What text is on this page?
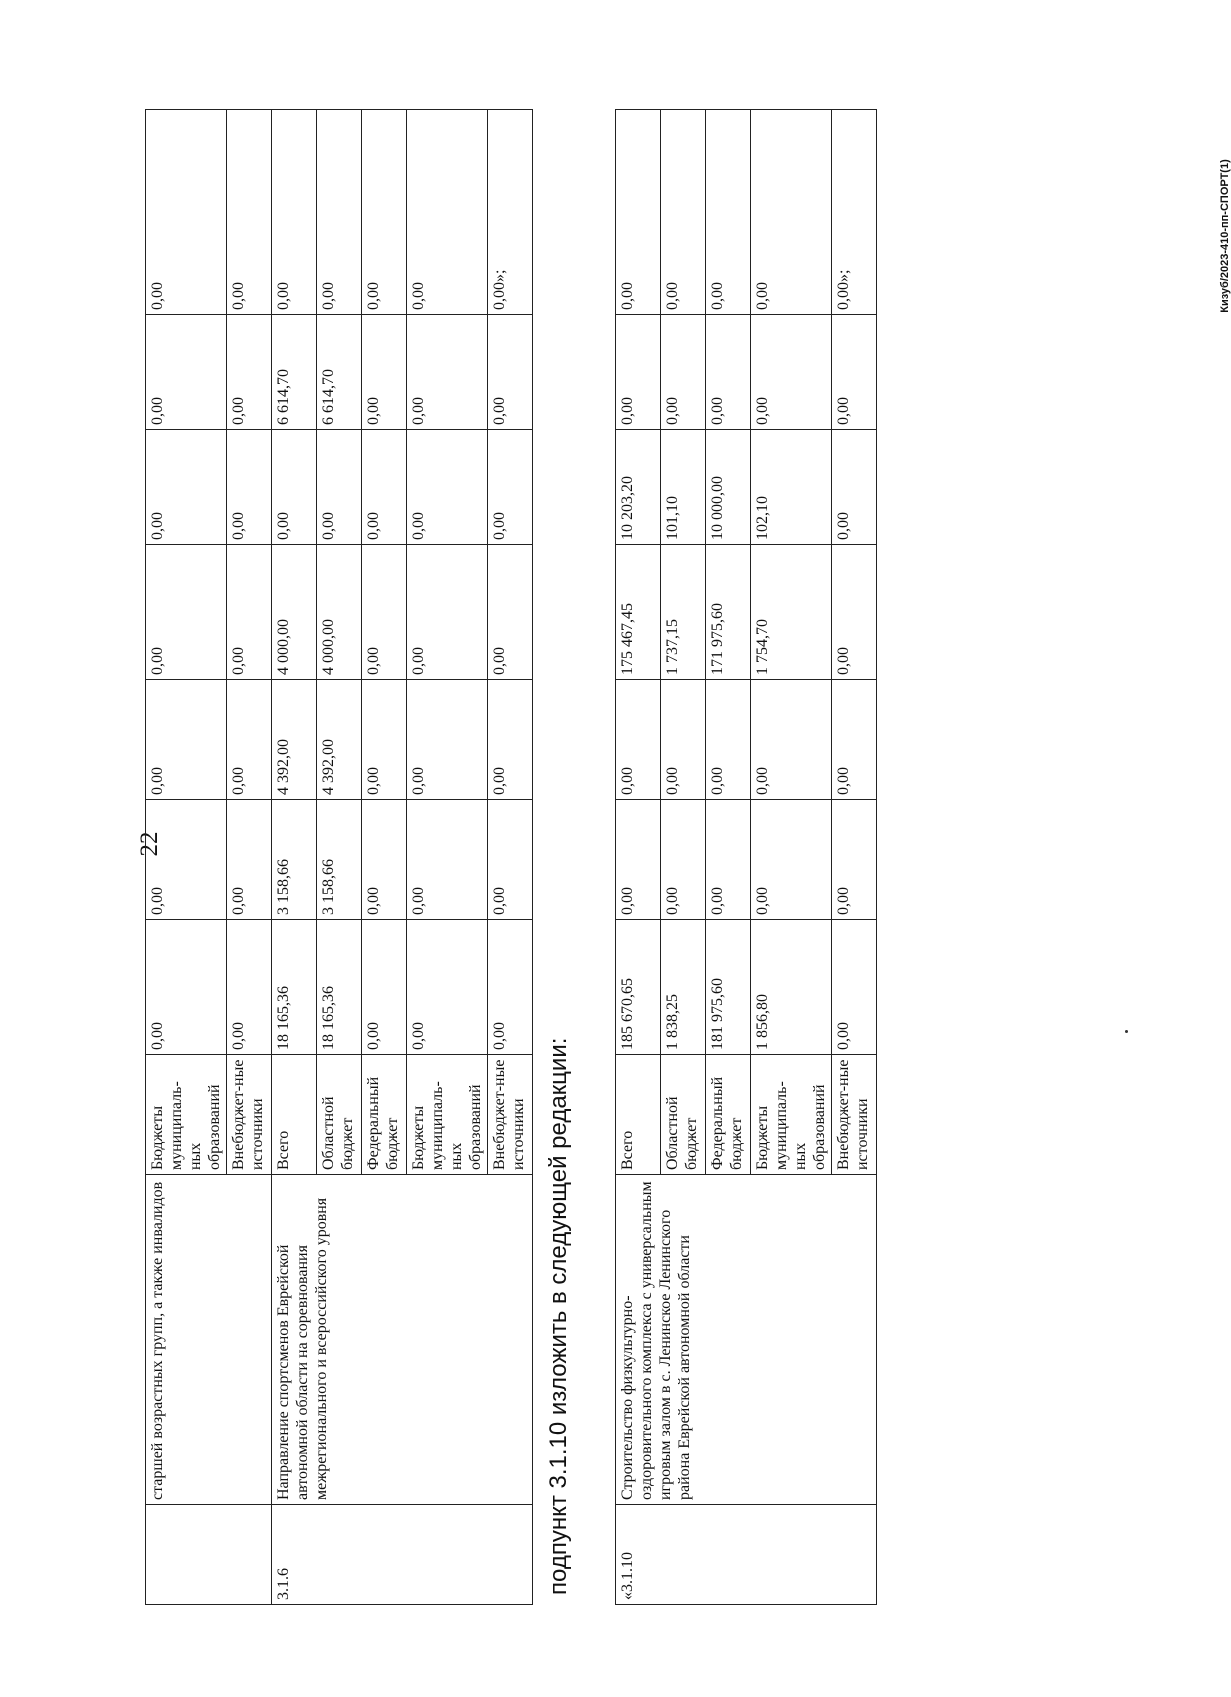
22
Кизуб/2023-410-пп-СПОРТ(1)
	старшей возрастных групп, а также инвалидов	Бюджеты муниципаль-ных образований	0,00	0,00	0,00	0,00	0,00	0,00	0,00
		Внебюджет-ные источники	0,00	0,00	0,00	0,00	0,00	0,00	0,00
3.1.6	Направление спортсменов Еврейской автономной области на соревнования межрегионального и всероссийского уровня	Всего	18 165,36	3 158,66	4 392,00	4 000,00	0,00	6 614,70	0,00
		Областной бюджет	18 165,36	3 158,66	4 392,00	4 000,00	0,00	6 614,70	0,00
		Федеральный бюджет	0,00	0,00	0,00	0,00	0,00	0,00	0,00
		Бюджеты муниципаль-ных образований	0,00	0,00	0,00	0,00	0,00	0,00	0,00
		Внебюджет-ные источники	0,00	0,00	0,00	0,00	0,00	0,00	0,00»;
подпункт 3.1.10 изложить в следующей редакции:	«3.1.10	Строительство физкультурно-оздоровительного комплекса с универсальным игровым залом в с. Ленинское Ленинского района Еврейской автономной области	Всего	185 670,65	0,00	0,00	175 467,45	10 203,20	0,00	0,00
		Областной бюджет	1 838,25	0,00	0,00	1 737,15	101,10	0,00	0,00
		Федеральный бюджет	181 975,60	0,00	0,00	171 975,60	10 000,00	0,00	0,00
		Бюджеты муниципаль-ных образований	1 856,80	0,00	0,00	1 754,70	102,10	0,00	0,00
		Внебюджет-ные источники	0,00	0,00	0,00	0,00	0,00	0,00	0,00»;
